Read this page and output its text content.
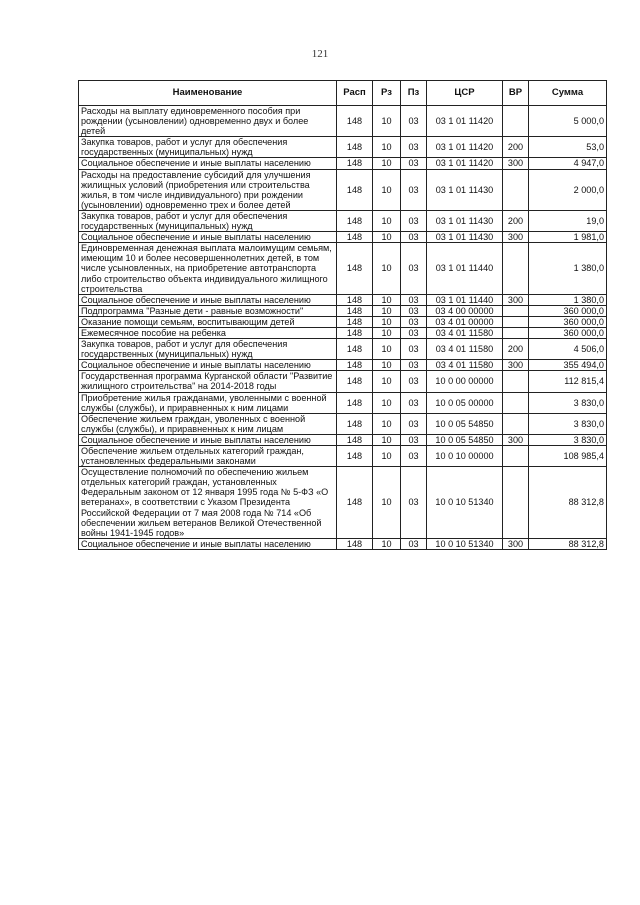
121
Наименование	Расп	Рз	Пз	ЦСР	ВР	Сумма
Расходы на выплату единовременного пособия при рождении (усыновлении) одновременно двух и более детей	148	10	03	03 1 01 11420		5 000,0
Закупка товаров, работ и услуг для обеспечения государственных (муниципальных) нужд	148	10	03	03 1 01 11420	200	53,0
Социальное обеспечение и иные выплаты населению	148	10	03	03 1 01 11420	300	4 947,0
Расходы на предоставление субсидий для улучшения жилищных условий (приобретения или строительства жилья, в том числе индивидуального) при рождении (усыновлении) одновременно трех и более детей	148	10	03	03 1 01 11430		2 000,0
Закупка товаров, работ и услуг для обеспечения государственных (муниципальных) нужд	148	10	03	03 1 01 11430	200	19,0
Социальное обеспечение и иные выплаты населению	148	10	03	03 1 01 11430	300	1 981,0
Единовременная денежная выплата малоимущим семьям, имеющим 10 и более несовершеннолетних детей, в том числе усыновленных, на приобретение автотранспорта либо строительство объекта индивидуального жилищного строительства	148	10	03	03 1 01 11440		1 380,0
Социальное обеспечение и иные выплаты населению	148	10	03	03 1 01 11440	300	1 380,0
Подпрограмма "Разные дети - равные возможности"	148	10	03	03 4 00 00000		360 000,0
Оказание помощи семьям, воспитывающим детей	148	10	03	03 4 01 00000		360 000,0
Ежемесячное пособие на ребенка	148	10	03	03 4 01 11580		360 000,0
Закупка товаров, работ и услуг для обеспечения государственных (муниципальных) нужд	148	10	03	03 4 01 11580	200	4 506,0
Социальное обеспечение и иные выплаты населению	148	10	03	03 4 01 11580	300	355 494,0
Государственная программа Курганской области "Развитие жилищного строительства" на 2014-2018 годы	148	10	03	10 0 00 00000		112 815,4
Приобретение жилья гражданами, уволенными с военной службы (службы), и приравненных к ним лицами	148	10	03	10 0 05 00000		3 830,0
Обеспечение жильем граждан, уволенных с военной службы (службы), и приравненных к ним лицам	148	10	03	10 0 05 54850		3 830,0
Социальное обеспечение и иные выплаты населению	148	10	03	10 0 05 54850	300	3 830,0
Обеспечение жильем отдельных категорий граждан, установленных федеральными законами	148	10	03	10 0 10 00000		108 985,4
Осуществление полномочий по обеспечению жильем отдельных категорий граждан, установленных Федеральным законом от 12 января 1995 года № 5-ФЗ «О ветеранах», в соответствии с Указом Президента Российской Федерации от 7 мая 2008 года № 714 «Об обеспечении жильем ветеранов Великой Отечественной войны 1941-1945 годов»	148	10	03	10 0 10 51340		88 312,8
Социальное обеспечение и иные выплаты населению	148	10	03	10 0 10 51340	300	88 312,8
